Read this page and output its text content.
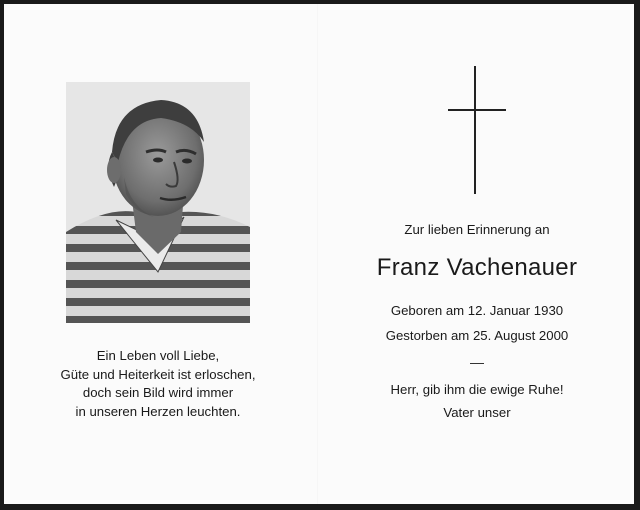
Ein Leben voll Liebe,
Güte und Heiterkeit ist erloschen,
doch sein Bild wird immer
in unseren Herzen leuchten.
Zur lieben Erinnerung an
Franz Vachenauer
Geboren am 12. Januar 1930
Gestorben am 25. August 2000
Herr, gib ihm die ewige Ruhe!
Vater unser
